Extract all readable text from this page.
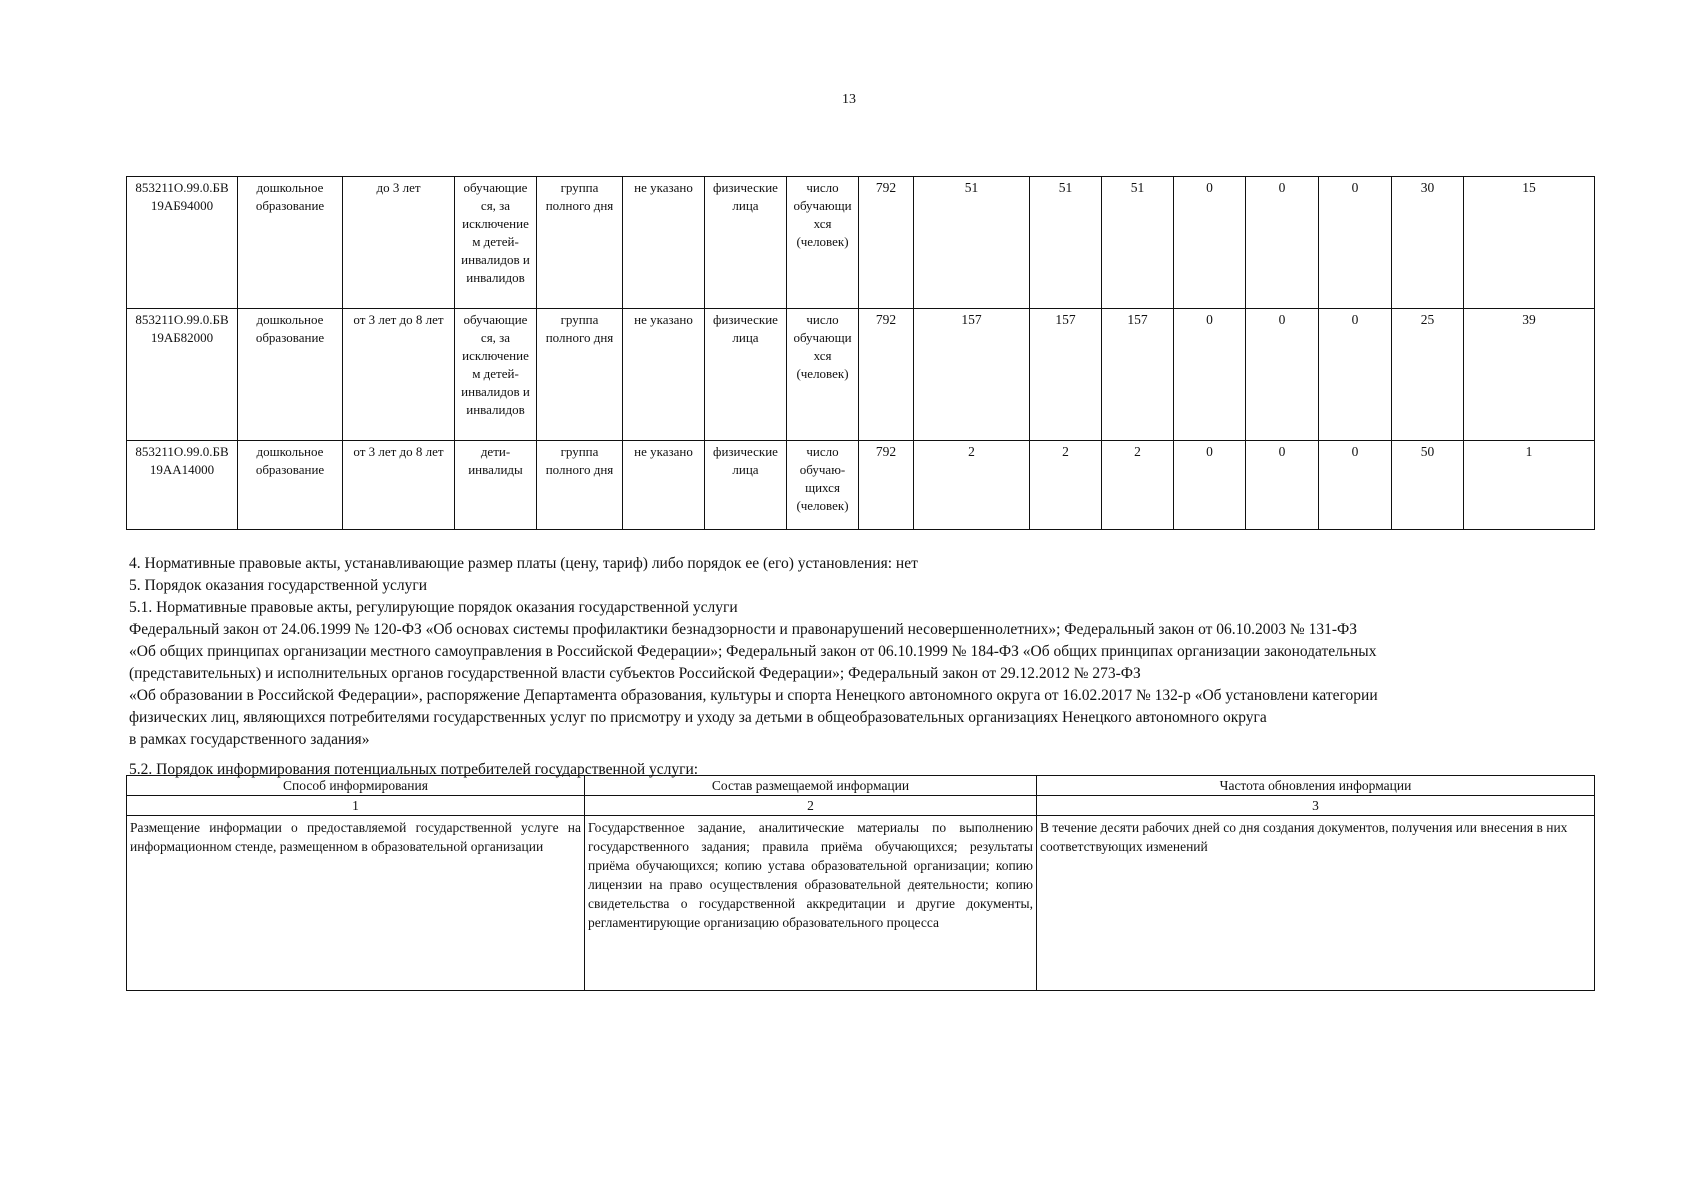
13
853211О.99.0.БВ 19АБ94000	дошкольное образование	до 3 лет	обучающие ся, за исключение м детей-инвалидов и инвалидов	группа полного дня	не указано	физические лица	число обучающи хся (человек)	792	51	51	51	0	0	0	30	15
853211О.99.0.БВ 19АБ82000	дошкольное образование	от 3 лет до 8 лет	обучающие ся, за исключение м детей-инвалидов и инвалидов	группа полного дня	не указано	физические лица	число обучающи хся (человек)	792	157	157	157	0	0	0	25	39
853211О.99.0.БВ 19АА14000	дошкольное образование	от 3 лет до 8 лет	дети-инвалиды	группа полного дня	не указано	физические лица	число обучаю-щихся (человек)	792	2	2	2	0	0	0	50	1
4. Нормативные правовые акты, устанавливающие размер платы (цену, тариф) либо порядок ее (его) установления: нет
5. Порядок оказания государственной услуги
5.1. Нормативные правовые акты, регулирующие порядок оказания государственной услуги
Федеральный закон от 24.06.1999 № 120-ФЗ «Об основах системы профилактики безнадзорности и правонарушений несовершеннолетних»; Федеральный закон от 06.10.2003 № 131-ФЗ
«Об общих принципах организации местного самоуправления в Российской Федерации»; Федеральный закон от 06.10.1999 № 184-ФЗ «Об общих принципах организации законодательных
(представительных) и исполнительных органов государственной власти субъектов Российской Федерации»; Федеральный закон от 29.12.2012 № 273-ФЗ
«Об образовании в Российской Федерации», распоряжение Департамента образования, культуры и спорта Ненецкого автономного округа от 16.02.2017 № 132-р «Об установлени категории
физических лиц, являющихся потребителями государственных услуг по присмотру и уходу за детьми в общеобразовательных организациях Ненецкого автономного округа
в рамках государственного задания»
5.2. Порядок информирования потенциальных потребителей государственной услуги:
Способ информирования	Состав размещаемой информации	Частота обновления информации
1	2	3
Размещение информации о предоставляемой государственной услуге на информационном стенде, размещенном в образовательной организации	Государственное задание, аналитические материалы по выполнению государственного задания; правила приёма обучающихся; результаты приёма обучающихся; копию устава образовательной организации; копию лицензии на право осуществления образовательной деятельности; копию свидетельства о государственной аккредитации и другие документы, регламентирующие организацию образовательного процесса	В течение десяти рабочих дней со дня создания документов, получения или внесения в них соответствующих изменений
